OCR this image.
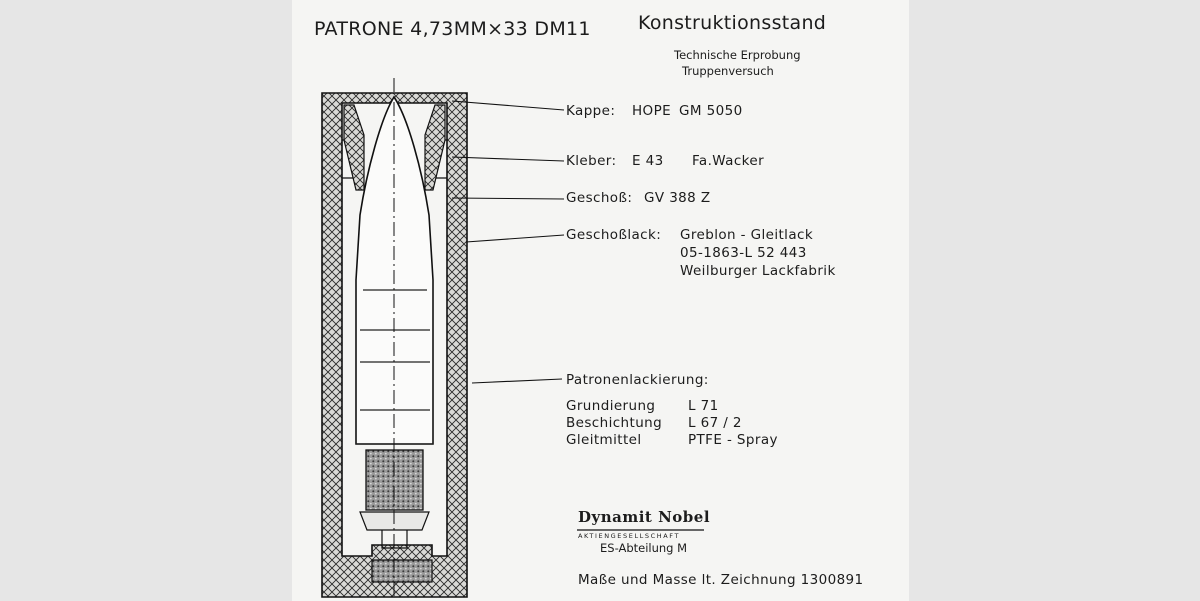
PATRONE 4,73MM×33 DM11 Konstruktionsstand
Technische Erprobung
Truppenversuch
Kappe: HOPE GM 5050
Kleber: E 43 Fa.Wacker
Geschoß: GV 388 Z
Geschoßlack: Greblon - Gleitlack
05-1863-L 52 443
Weilburger Lackfabrik
Patronenlackierung:
Grundierung L 71
Beschichtung L 67 / 2
Gleitmittel	PTFE - Spray
Dynamit Nobel
AKTIENGESELLSCHAFT
ES-Abteilung M
Maße und Masse lt. Zeichnung 1300891
